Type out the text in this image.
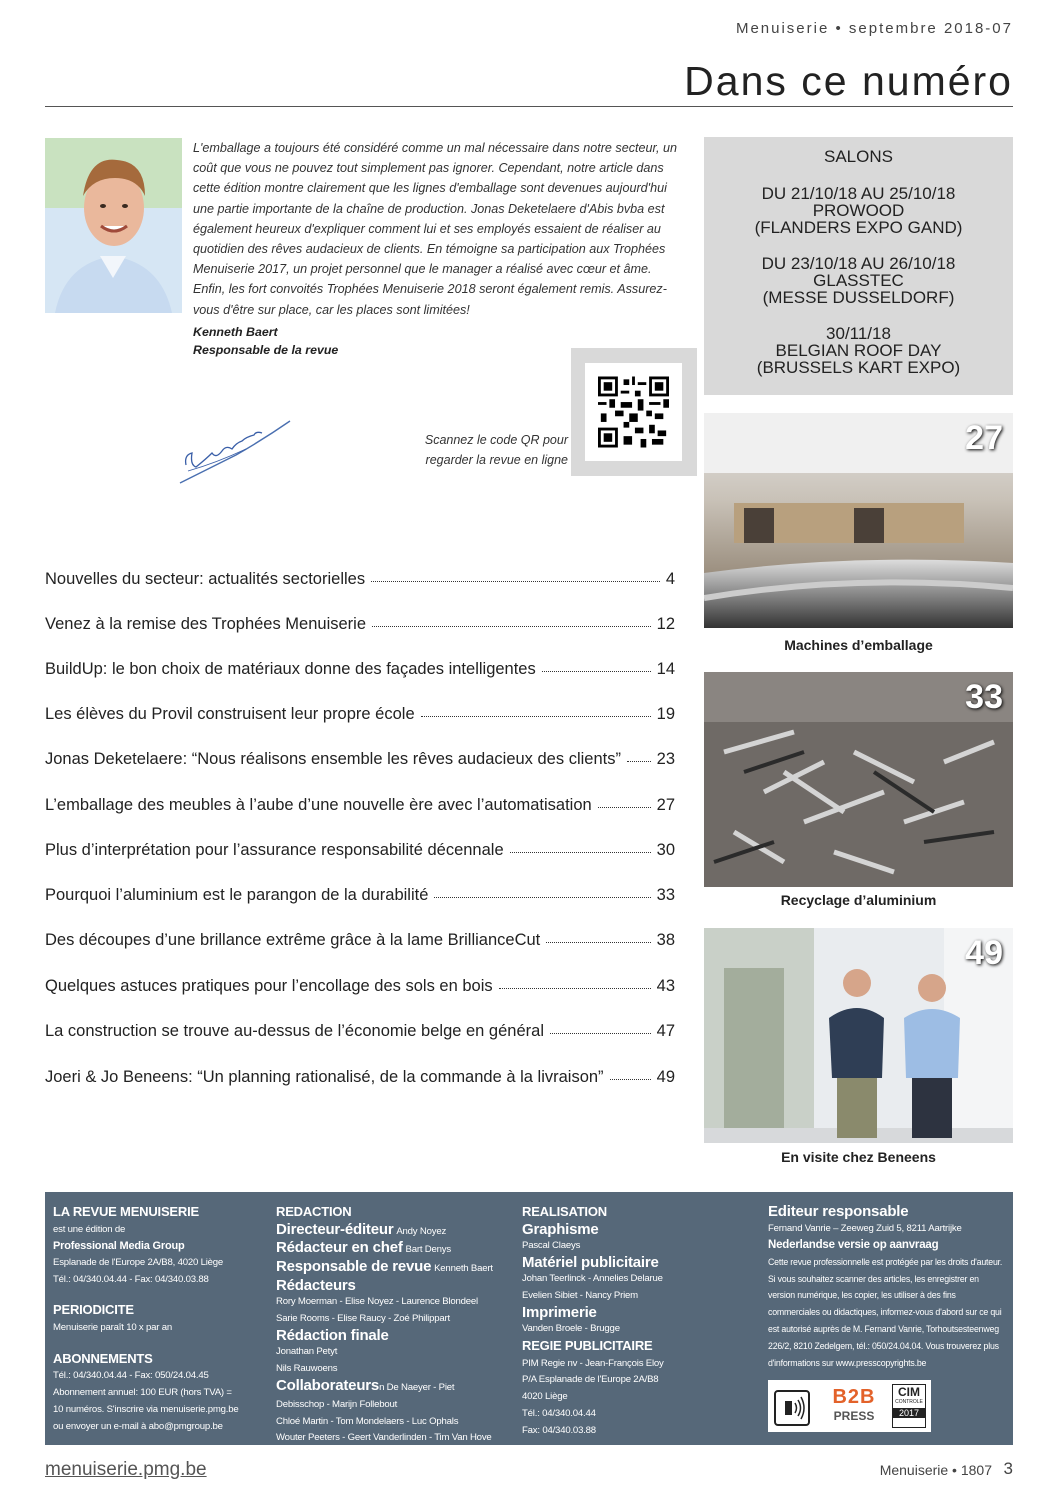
Menuiserie • septembre 2018-07
Dans ce numéro

L'emballage a toujours été considéré comme un mal nécessaire dans notre secteur, un coût que vous ne pouvez tout simplement pas ignorer. Cependant, notre article dans cette édition montre clairement que les lignes d'emballage sont devenues aujourd'hui une partie importante de la chaîne de production. Jonas Deketelaere d'Abis bvba est également heureux d'expliquer comment lui et ses employés essaient de réaliser au quotidien des rêves audacieux de clients. En témoigne sa participation aux Trophées Menuiserie 2017, un projet personnel que le manager a réalisé avec cœur et âme. Enfin, les fort convoités Trophées Menuiserie 2018 seront également remis. Assurez-vous d'être sur place, car les places sont limitées!

Kenneth Baert
Responsable de la revue
Scannez le code QR pour
regarder la revue en ligne
SALONS
DU 21/10/18 AU 25/10/18
PROWOOD
(FLANDERS EXPO GAND)
DU 23/10/18 AU 26/10/18
GLASSTEC
(MESSE DUSSELDORF)
30/11/18
BELGIAN ROOF DAY
(BRUSSELS KART EXPO)
27
Machines d’emballage
33
Recyclage d’aluminium
49
En visite chez Beneens
Nouvelles du secteur: actualités sectorielles	4
Venez à la remise des Trophées Menuiserie	12
BuildUp: le bon choix de matériaux donne des façades intelligentes	14
Les élèves du Provil construisent leur propre école	19
Jonas Deketelaere: “Nous réalisons ensemble les rêves audacieux des clients” 23
L’emballage des meubles à l’aube d’une nouvelle ère avec l’automatisation	27
Plus d’interprétation pour l’assurance responsabilité décennale	30
Pourquoi l’aluminium est le parangon de la durabilité	33
Des découpes d’une brillance extrême grâce à la lame BrillianceCut	38
Quelques astuces pratiques pour l’encollage des sols en bois	43
La construction se trouve au-dessus de l’économie belge en général	47
Joeri & Jo Beneens: “Un planning rationalisé, de la commande à la livraison”	49
LA REVUE MENUISERIE
est une édition de
Professional Media Group
Esplanade de l'Europe 2A/B8, 4020 Liège
Tél.: 04/340.04.44 - Fax: 04/340.03.88
PERIODICITE
Menuiserie paraît 10 x par an
ABONNEMENTS
Tél.: 04/340.04.44 - Fax: 050/24.04.45
Abonnement annuel: 100 EUR (hors TVA) =
10 numéros. S'inscrire via menuiserie.pmg.be
ou envoyer un e-mail à abo@pmgroup.be
REDACTION
Directeur-éditeur Andy Noyez
Rédacteur en chef Bart Denys
Responsable de revue Kenneth Baert
Rédacteurs
Rory Moerman - Elise Noyez - Laurence Blondeel
Sarie Rooms - Elise Raucy - Zoé Philippart
Rédaction finale
Jonathan Petyt
Nils Rauwoens
Collaborateursn De Naeyer - Piet
Debisschop - Marijn Follebout
Chloé Martin - Tom Mondelaers - Luc Ophals
Wouter Peeters - Geert Vanderlinden - Tim Van Hove
REALISATION
Graphisme
Pascal Claeys
Matériel publicitaire
Johan Teerlinck - Annelies Delarue
Evelien Sibiet - Nancy Priem
Imprimerie
Vanden Broele - Brugge
REGIE PUBLICITAIRE
PIM Regie nv - Jean-François Eloy
P/A Esplanade de l'Europe 2A/B8
4020 Liège
Tél.: 04/340.04.44
Fax: 04/340.03.88
Editeur responsable
Fernand Vanrie – Zeeweg Zuid 5, 8211 Aartrijke
Nederlandse versie op aanvraag
Cette revue professionnelle est protégée par les droits d'auteur. Si vous souhaitez scanner des articles, les enregistrer en version numérique, les copier, les utiliser à des fins commerciales ou didactiques, informez-vous d'abord sur ce qui est autorisé auprès de M. Fernand Vanrie, Torhoutsesteenweg 226/2, 8210 Zedelgem, tél.: 050/24.04.04. Vous trouverez plus d'informations sur www.presscopyrights.be
B2B
PRESS
CIM
CONTROLE
2017
menuiserie.pmg.be	Menuiserie • 1807 3
